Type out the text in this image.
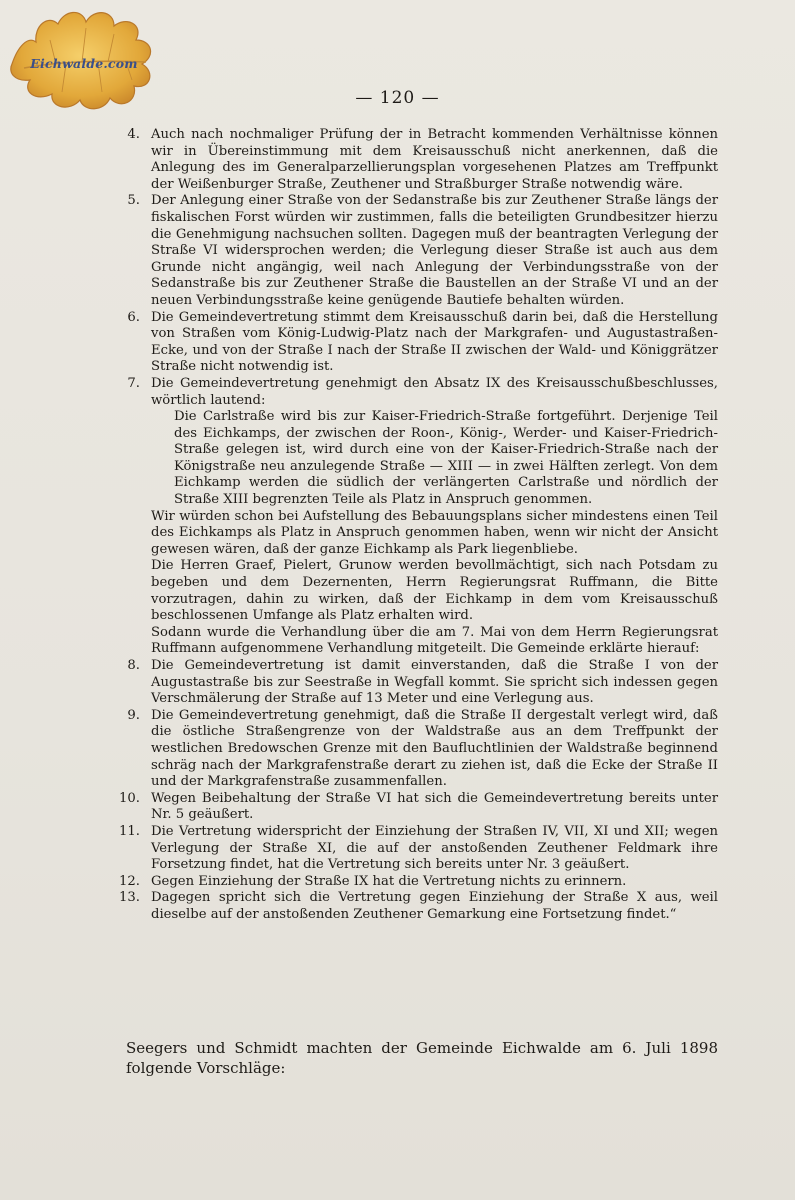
Eichwalde.com
— 120 —
4. Auch nach nochmaliger Prüfung der in Betracht kommenden Verhältnisse können wir in Übereinstimmung mit dem Kreisausschuß nicht anerkennen, daß die Anlegung des im Generalparzellierungsplan vorgesehenen Platzes am Treffpunkt der Weißenburger Straße, Zeuthener und Straßburger Straße notwendig wäre.
5. Der Anlegung einer Straße von der Sedanstraße bis zur Zeuthener Straße längs der fiskalischen Forst würden wir zustimmen, falls die beteiligten Grundbesitzer hierzu die Genehmigung nachsuchen sollten. Dagegen muß der beantragten Verlegung der Straße VI widersprochen werden; die Verlegung dieser Straße ist auch aus dem Grunde nicht angängig, weil nach Anlegung der Verbindungsstraße von der Sedanstraße bis zur Zeuthener Straße die Baustellen an der Straße VI und an der neuen Verbindungsstraße keine genügende Bautiefe behalten würden.
6. Die Gemeindevertretung stimmt dem Kreisausschuß darin bei, daß die Herstellung von Straßen vom König-Ludwig-Platz nach der Markgrafen- und Augustastraßen-Ecke, und von der Straße I nach der Straße II zwischen der Wald- und Königgrätzer Straße nicht notwendig ist.
7. Die Gemeindevertretung genehmigt den Absatz IX des Kreisausschußbeschlusses, wörtlich lautend:
Die Carlstraße wird bis zur Kaiser-Friedrich-Straße fortgeführt. Derjenige Teil des Eichkamps, der zwischen der Roon-, König-, Werder- und Kaiser-Friedrich-Straße gelegen ist, wird durch eine von der Kaiser-Friedrich-Straße nach der Königstraße neu anzulegende Straße — XIII — in zwei Hälften zerlegt. Von dem Eichkamp werden die südlich der verlängerten Carlstraße und nördlich der Straße XIII begrenzten Teile als Platz in Anspruch genommen.
Wir würden schon bei Aufstellung des Bebauungsplans sicher mindestens einen Teil des Eichkamps als Platz in Anspruch genommen haben, wenn wir nicht der Ansicht gewesen wären, daß der ganze Eichkamp als Park liegenbliebe.
Die Herren Graef, Pielert, Grunow werden bevollmächtigt, sich nach Potsdam zu begeben und dem Dezernenten, Herrn Regierungsrat Ruffmann, die Bitte vorzutragen, dahin zu wirken, daß der Eichkamp in dem vom Kreisausschuß beschlossenen Umfange als Platz erhalten wird.
Sodann wurde die Verhandlung über die am 7. Mai von dem Herrn Regierungsrat Ruffmann aufgenommene Verhandlung mitgeteilt. Die Gemeinde erklärte hierauf:
8. Die Gemeindevertretung ist damit einverstanden, daß die Straße I von der Augustastraße bis zur Seestraße in Wegfall kommt. Sie spricht sich indessen gegen Verschmälerung der Straße auf 13 Meter und eine Verlegung aus.
9. Die Gemeindevertretung genehmigt, daß die Straße II dergestalt verlegt wird, daß die östliche Straßengrenze von der Waldstraße aus an dem Treffpunkt der westlichen Bredowschen Grenze mit den Baufluchtlinien der Waldstraße beginnend schräg nach der Markgrafenstraße derart zu ziehen ist, daß die Ecke der Straße II und der Markgrafenstraße zusammenfallen.
10. Wegen Beibehaltung der Straße VI hat sich die Gemeindevertretung bereits unter Nr. 5 geäußert.
11. Die Vertretung widerspricht der Einziehung der Straßen IV, VII, XI und XII; wegen Verlegung der Straße XI, die auf der anstoßenden Zeuthener Feldmark ihre Forsetzung findet, hat die Vertretung sich bereits unter Nr. 3 geäußert.
12. Gegen Einziehung der Straße IX hat die Vertretung nichts zu erinnern.
13. Dagegen spricht sich die Vertretung gegen Einziehung der Straße X aus, weil dieselbe auf der anstoßenden Zeuthener Gemarkung eine Fortsetzung findet.“
Seegers und Schmidt machten der Gemeinde Eichwalde am 6. Juli 1898 folgende Vorschläge:
